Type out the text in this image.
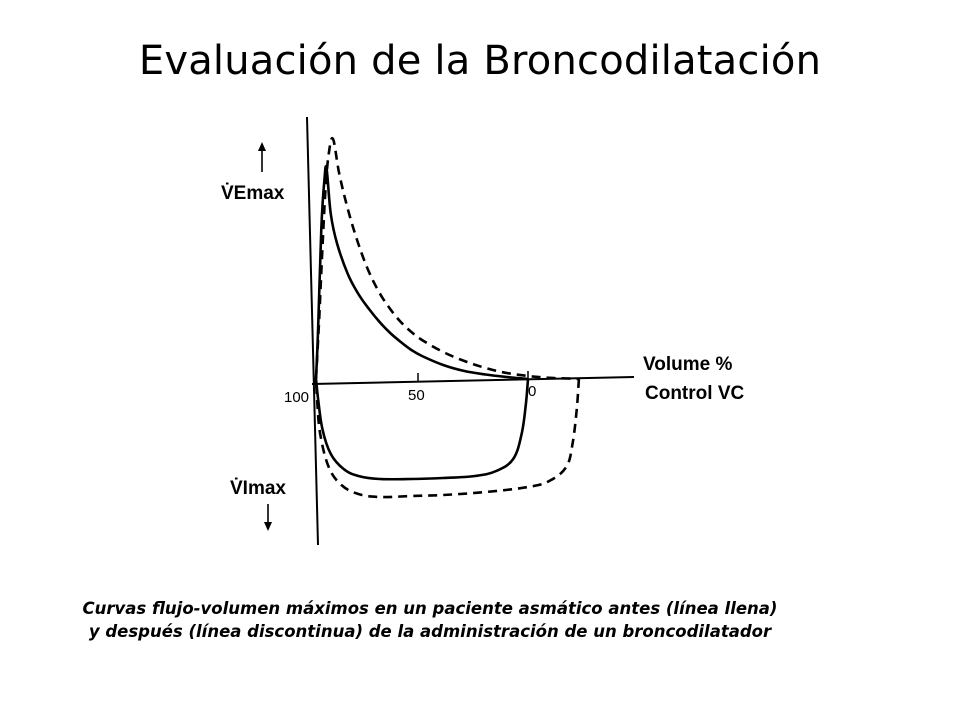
Evaluación de la Broncodilatación
100	50	0
Volume %
Control VC
V̇Emax
V̇Imax
Curvas flujo-volumen máximos en un paciente asmático antes (línea llena)
y después (línea discontinua) de la administración de un broncodilatador
